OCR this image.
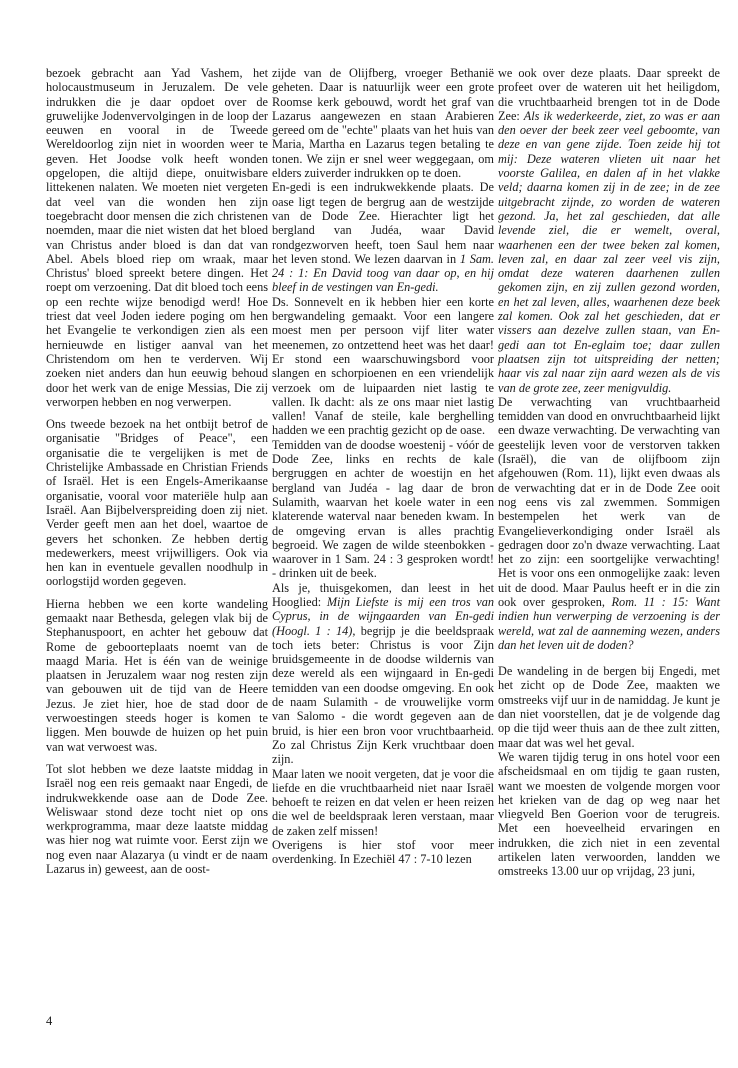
bezoek gebracht aan Yad Vashem, het holocaustmuseum in Jeruzalem. De vele indrukken die je daar opdoet over de gruwelijke Jodenvervolgingen in de loop der eeuwen en vooral in de Tweede Wereldoorlog zijn niet in woorden weer te geven. Het Joodse volk heeft wonden opgelopen, die altijd diepe, onuitwisbare littekenen nalaten. We moeten niet vergeten dat veel van die wonden hen zijn toegebracht door mensen die zich christenen noemden, maar die niet wisten dat het bloed van Christus ander bloed is dan dat van Abel. Abels bloed riep om wraak, maar Christus' bloed spreekt betere dingen. Het roept om verzoening. Dat dit bloed toch eens op een rechte wijze benodigd werd! Hoe triest dat veel Joden iedere poging om hen het Evangelie te verkondigen zien als een hernieuwde en listiger aanval van het Christendom om hen te verderven. Wij zoeken niet anders dan hun eeuwig behoud door het werk van de enige Messias, Die zij verworpen hebben en nog verwerpen.

Ons tweede bezoek na het ontbijt betrof de organisatie "Bridges of Peace", een organisatie die te vergelijken is met de Christelijke Ambassade en Christian Friends of Israël. Het is een Engels-Amerikaanse organisatie, vooral voor materiële hulp aan Israël. Aan Bijbelverspreiding doen zij niet. Verder geeft men aan het doel, waartoe de gevers het schonken. Ze hebben dertig medewerkers, meest vrijwilligers. Ook via hen kan in eventuele gevallen noodhulp in oorlogstijd worden gegeven.

Hierna hebben we een korte wandeling gemaakt naar Bethesda, gelegen vlak bij de Stephanuspoort, en achter het gebouw dat Rome de geboorteplaats noemt van de maagd Maria. Het is één van de weinige plaatsen in Jeruzalem waar nog resten zijn van gebouwen uit de tijd van de Heere Jezus. Je ziet hier, hoe de stad door de verwoestingen steeds hoger is komen te liggen. Men bouwde de huizen op het puin van wat verwoest was.

Tot slot hebben we deze laatste middag in Israël nog een reis gemaakt naar Engedi, de indrukwekkende oase aan de Dode Zee. Weliswaar stond deze tocht niet op ons werkprogramma, maar deze laatste middag was hier nog wat ruimte voor. Eerst zijn we nog even naar Alazarya (u vindt er de naam Lazarus in) geweest, aan de oost-

zijde van de Olijfberg, vroeger Bethanië geheten. Daar is natuurlijk weer een grote Roomse kerk gebouwd, wordt het graf van Lazarus aangewezen en staan Arabieren gereed om de "echte" plaats van het huis van Maria, Martha en Lazarus tegen betaling te tonen. We zijn er snel weer weggegaan, om elders zuiverder indrukken op te doen.

En-gedi is een indrukwekkende plaats. De oase ligt tegen de bergrug aan de westzijde van de Dode Zee. Hierachter ligt het bergland van Judéa, waar David rondgezworven heeft, toen Saul hem naar het leven stond. We lezen daarvan in 1 Sam. 24 : 1: En David toog van daar op, en hij bleef in de vestingen van En-gedi.

Ds. Sonnevelt en ik hebben hier een korte bergwandeling gemaakt. Voor een langere moest men per persoon vijf liter water meenemen, zo ontzettend heet was het daar! Er stond een waarschuwingsbord voor slangen en schorpioenen en een vriendelijk verzoek om de luipaarden niet lastig te vallen. Ik dacht: als ze ons maar niet lastig vallen! Vanaf de steile, kale berghelling hadden we een prachtig gezicht op de oase.

Temidden van de doodse woestenij - vóór de Dode Zee, links en rechts de kale bergruggen en achter de woestijn en het bergland van Judéa - lag daar de bron Sulamith, waarvan het koele water in een klaterende waterval naar beneden kwam. In de omgeving ervan is alles prachtig begroeid. We zagen de wilde steenbokken - waarover in 1 Sam. 24 : 3 gesproken wordt! - drinken uit de beek.

Als je, thuisgekomen, dan leest in het Hooglied: Mijn Liefste is mij een tros van Cyprus, in de wijngaarden van En-gedi (Hoogl. 1 : 14), begrijp je die beeldspraak toch iets beter: Christus is voor Zijn bruidsgemeente in de doodse wildernis van deze wereld als een wijngaard in En-gedi temidden van een doodse omgeving. En ook de naam Sulamith - de vrouwelijke vorm van Salomo - die wordt gegeven aan de bruid, is hier een bron voor vruchtbaarheid. Zo zal Christus Zijn Kerk vruchtbaar doen zijn.

Maar laten we nooit vergeten, dat je voor die liefde en die vruchtbaarheid niet naar Israël behoeft te reizen en dat velen er heen reizen die wel de beeldspraak leren verstaan, maar de zaken zelf missen!

Overigens is hier stof voor meer overdenking. In Ezechiël 47 : 7-10 lezen

we ook over deze plaats. Daar spreekt de profeet over de wateren uit het heiligdom, die vruchtbaarheid brengen tot in de Dode Zee: Als ik wederkeerde, ziet, zo was er aan den oever der beek zeer veel geboomte, van deze en van gene zijde. Toen zeide hij tot mij: Deze wateren vlieten uit naar het voorste Galilea, en dalen af in het vlakke veld; daarna komen zij in de zee; in de zee uitgebracht zijnde, zo worden de wateren gezond. Ja, het zal geschieden, dat alle levende ziel, die er wemelt, overal, waarhenen een der twee beken zal komen, leven zal, en daar zal zeer veel vis zijn, omdat deze wateren daarhenen zullen gekomen zijn, en zij zullen gezond worden, en het zal leven, alles, waarhenen deze beek zal komen. Ook zal het geschieden, dat er vissers aan dezelve zullen staan, van En-gedi aan tot En-eglaim toe; daar zullen plaatsen zijn tot uitspreiding der netten; haar vis zal naar zijn aard wezen als de vis van de grote zee, zeer menigvuldig.

De verwachting van vruchtbaarheid temidden van dood en onvruchtbaarheid lijkt een dwaze verwachting. De verwachting van geestelijk leven voor de verstorven takken (Israël), die van de olijfboom zijn afgehouwen (Rom. 11), lijkt even dwaas als de verwachting dat er in de Dode Zee ooit nog eens vis zal zwemmen. Sommigen bestempelen het werk van de Evangelieverkondiging onder Israël als gedragen door zo'n dwaze verwachting. Laat het zo zijn: een soortgelijke verwachting! Het is voor ons een onmogelijke zaak: leven uit de dood. Maar Paulus heeft er in die zin ook over gesproken, Rom. 11 : 15: Want indien hun verwerping de verzoening is der wereld, wat zal de aanneming wezen, anders dan het leven uit de doden?

De wandeling in de bergen bij Engedi, met het zicht op de Dode Zee, maakten we omstreeks vijf uur in de namiddag. Je kunt je dan niet voorstellen, dat je de volgende dag op die tijd weer thuis aan de thee zult zitten, maar dat was wel het geval.

We waren tijdig terug in ons hotel voor een afscheidsmaal en om tijdig te gaan rusten, want we moesten de volgende morgen voor het krieken van de dag op weg naar het vliegveld Ben Goerion voor de terugreis. Met een hoeveelheid ervaringen en indrukken, die zich niet in een zevental artikelen laten verwoorden, landden we omstreeks 13.00 uur op vrijdag, 23 juni,

4
